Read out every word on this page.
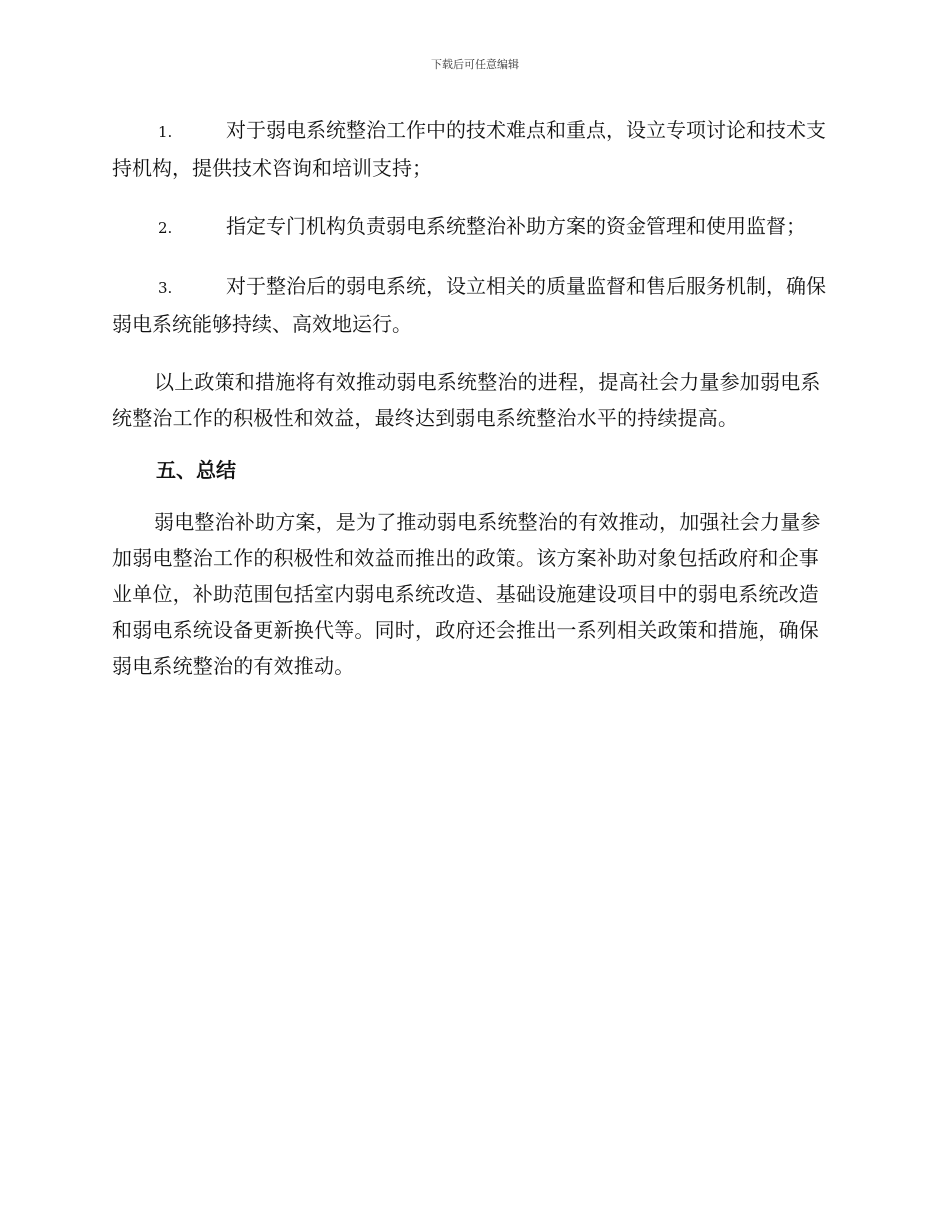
下载后可任意编辑
1.	对于弱电系统整治工作中的技术难点和重点，设立专项讨论和技术支持机构，提供技术咨询和培训支持；
2.	指定专门机构负责弱电系统整治补助方案的资金管理和使用监督；
3.	对于整治后的弱电系统，设立相关的质量监督和售后服务机制，确保弱电系统能够持续、高效地运行。

以上政策和措施将有效推动弱电系统整治的进程，提高社会力量参加弱电系统整治工作的积极性和效益，最终达到弱电系统整治水平的持续提高。

五、总结

弱电整治补助方案，是为了推动弱电系统整治的有效推动，加强社会力量参加弱电整治工作的积极性和效益而推出的政策。该方案补助对象包括政府和企事业单位，补助范围包括室内弱电系统改造、基础设施建设项目中的弱电系统改造和弱电系统设备更新换代等。同时，政府还会推出一系列相关政策和措施，确保弱电系统整治的有效推动。
